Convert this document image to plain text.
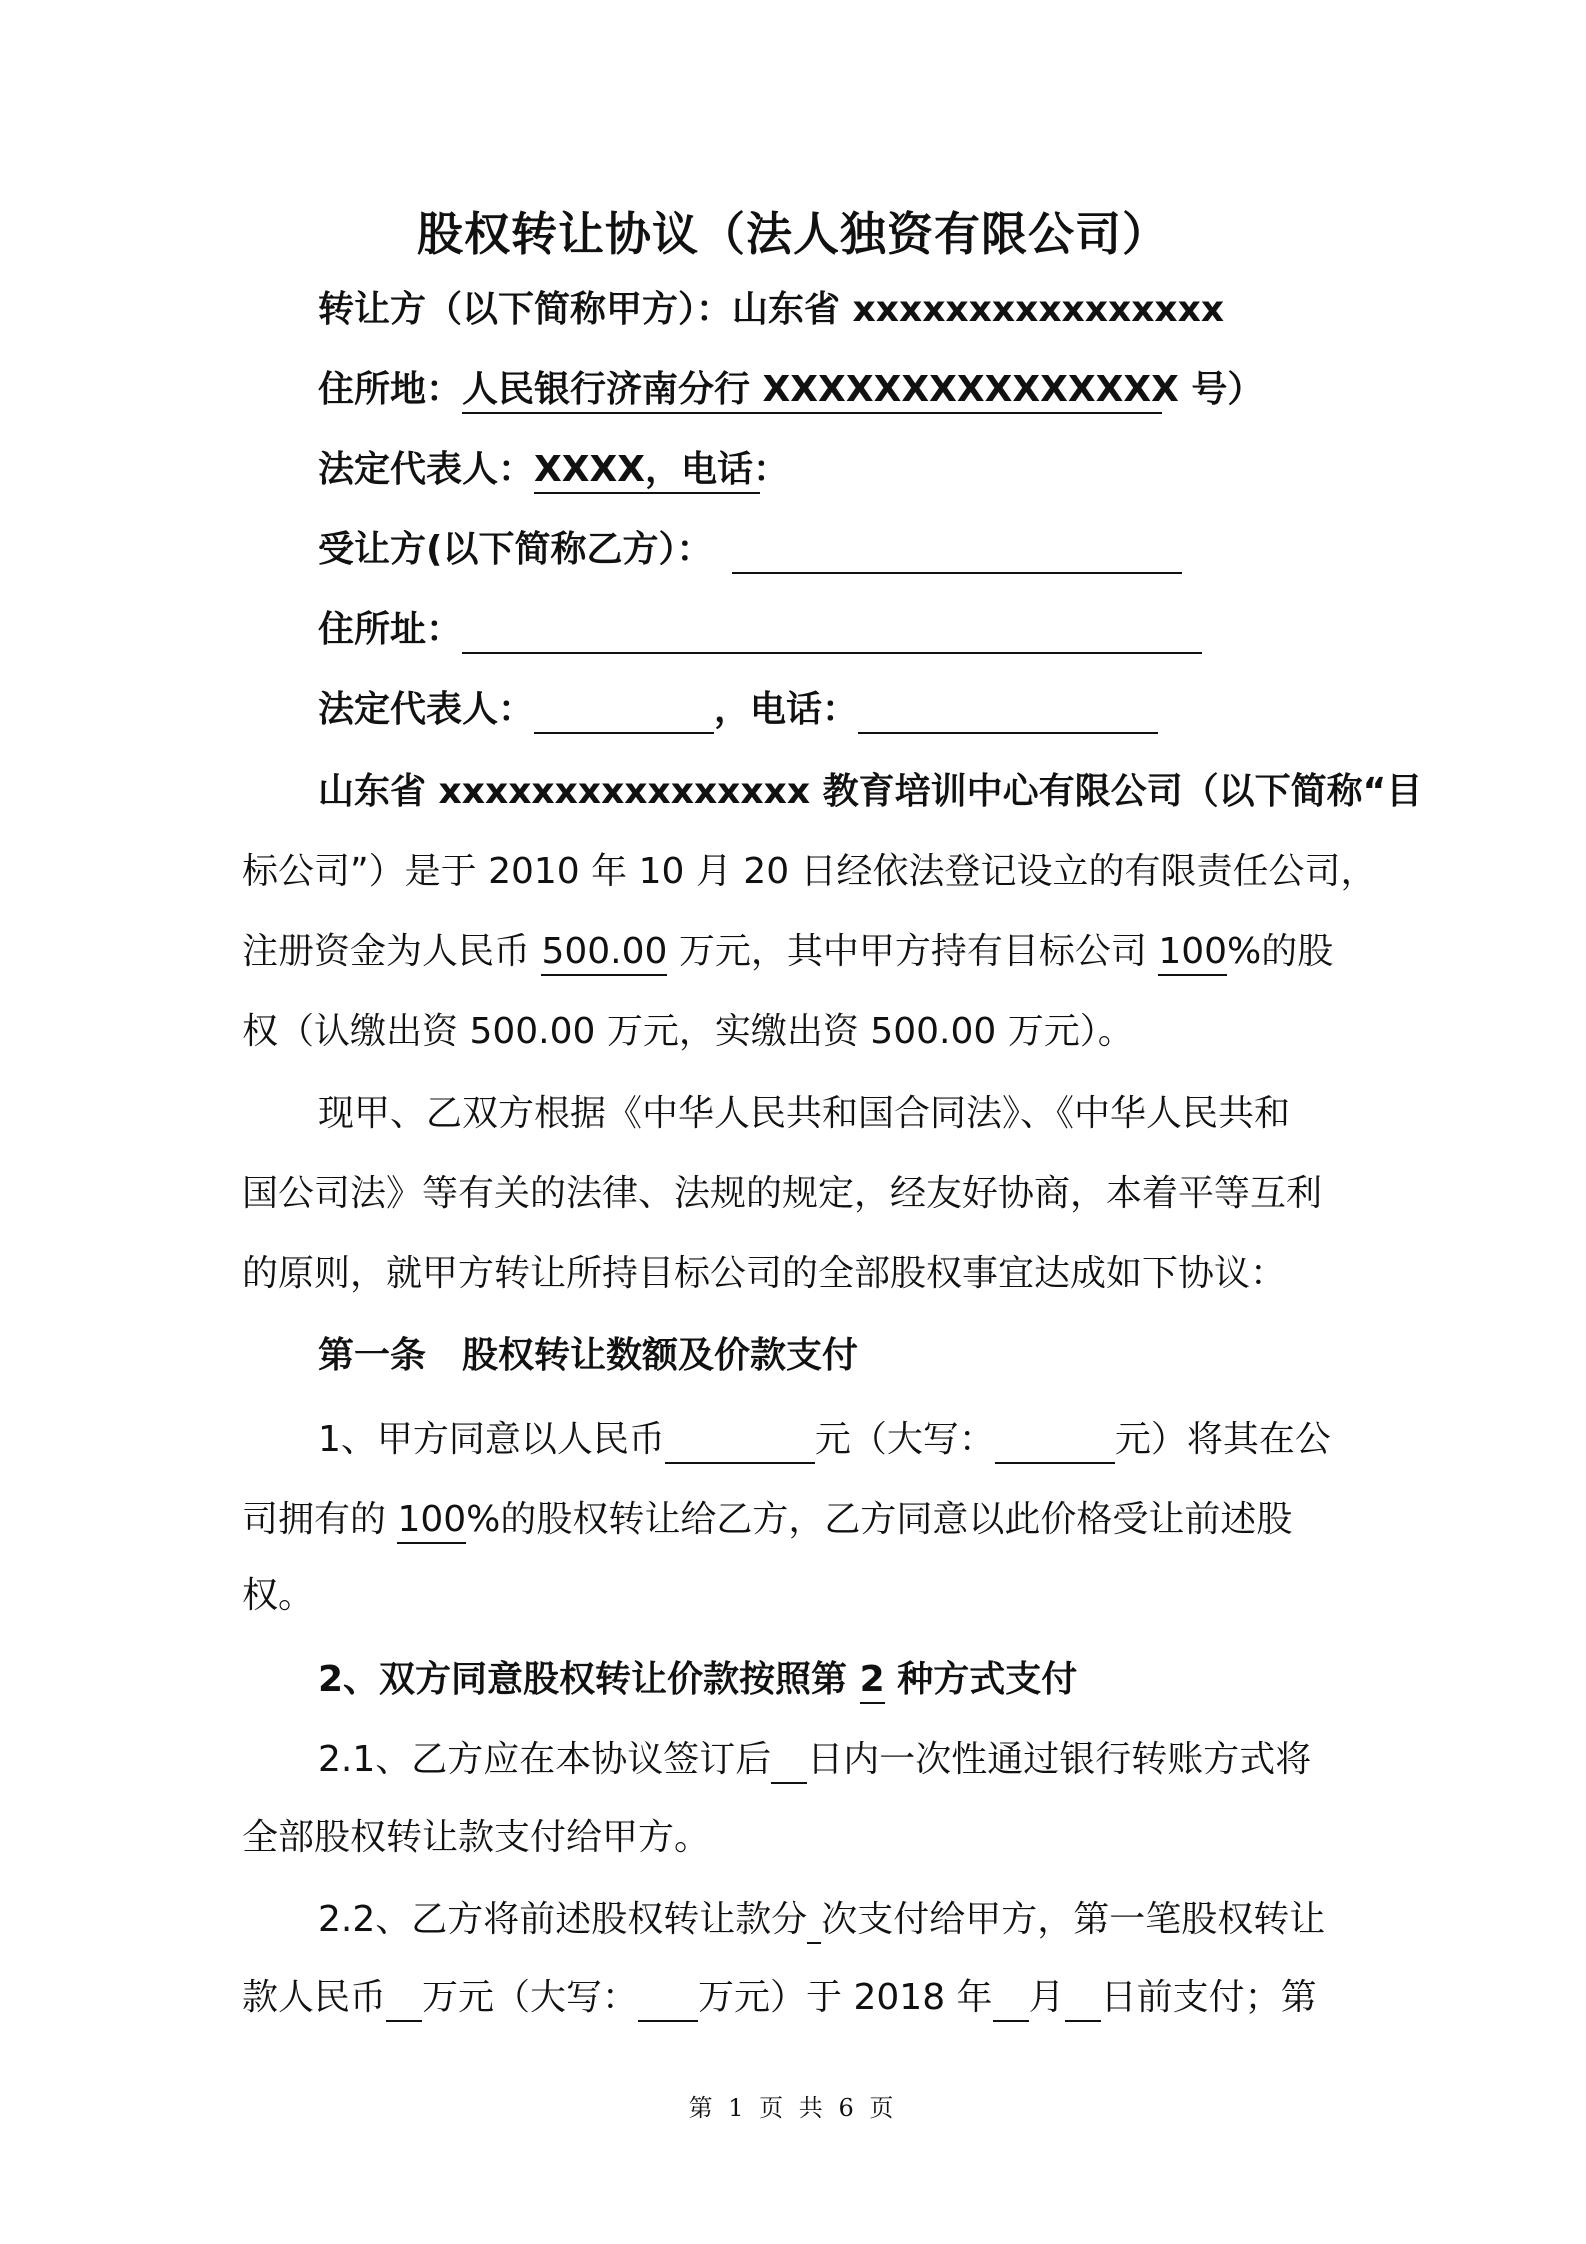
股权转让协议（法人独资有限公司）
转让方（以下简称甲方）：山东省 xxxxxxxxxxxxxxxx
住所地：人民银行济南分行 XXXXXXXXXXXXXXX 号）
法定代表人：XXXX，电话：
受让方(以下简称乙方）：
住所址：
法定代表人：	，电话：
山东省 xxxxxxxxxxxxxxxx 教育培训中心有限公司（以下简称“目
标公司”）是于 2010 年 10 月 20 日经依法登记设立的有限责任公司，
注册资金为人民币 500.00 万元，其中甲方持有目标公司 100%的股
权（认缴出资 500.00 万元，实缴出资 500.00 万元）。
现甲、乙双方根据《中华人民共和国合同法》、《中华人民共和
国公司法》等有关的法律、法规的规定，经友好协商，本着平等互利
的原则，就甲方转让所持目标公司的全部股权事宜达成如下协议：
第一条　股权转让数额及价款支付
1、甲方同意以人民币	元（大写：	元）将其在公
司拥有的 100%的股权转让给乙方，乙方同意以此价格受让前述股
权。
2、双方同意股权转让价款按照第 2 种方式支付
2.1、乙方应在本协议签订后 日内一次性通过银行转账方式将
全部股权转让款支付给甲方。
2.2、乙方将前述股权转让款分 次支付给甲方，第一笔股权转让
款人民币 万元（大写： 万元）于 2018 年 月 日前支付；第
第 1 页 共 6 页
